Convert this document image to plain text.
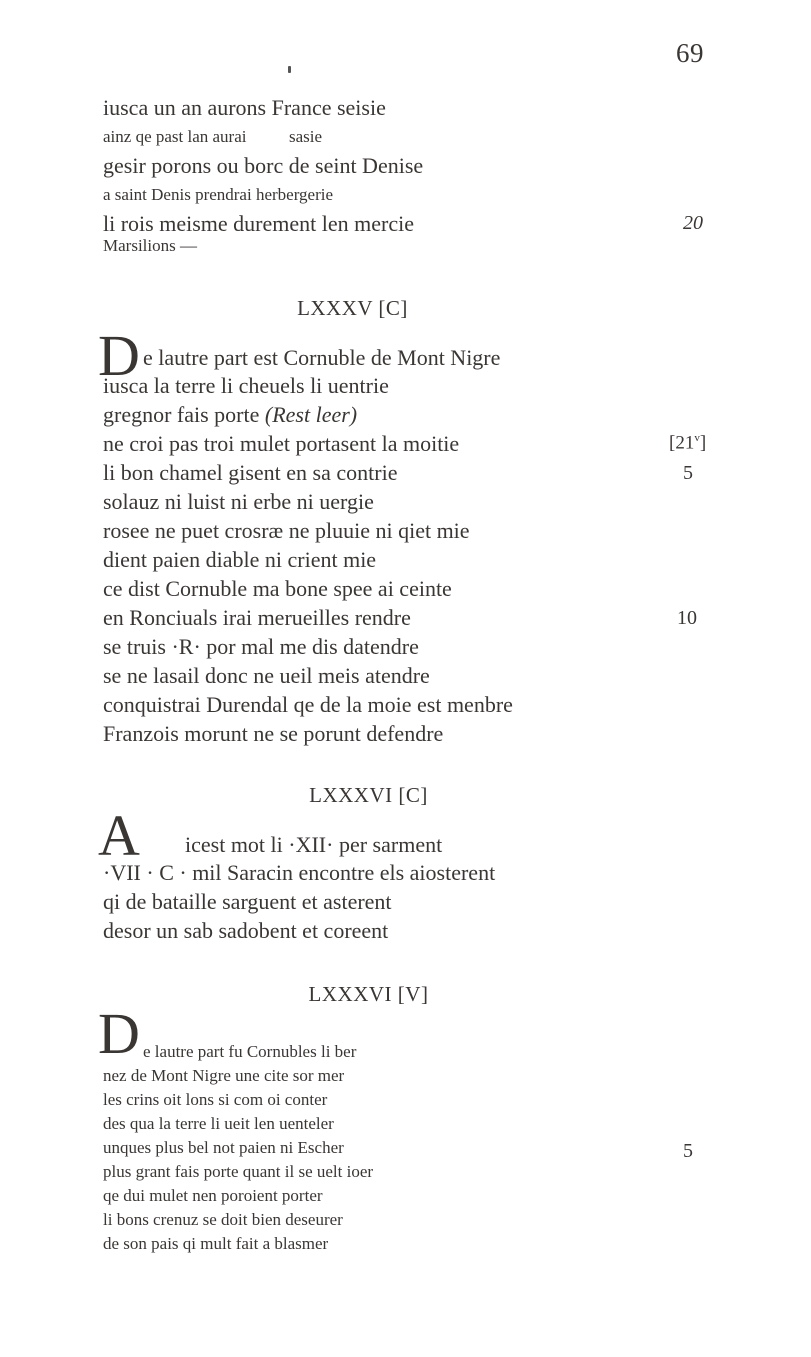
69
iusca un an aurons France seisie
ainz qe past lan aurai          sasie
gesir porons ou borc de seint Denise
a saint Denis prendrai herbergerie
li rois meisme durement len mercie	20
Marsilions —
LXXXV [C]
D e lautre part est Cornuble de Mont Nigre
iusca la terre li cheuels li uentrie
gregnor fais porte (Rest leer)
ne croi pas troi mulet portasent la moitie	[21$^v$]
li bon chamel gisent en sa contrie	5
solauz ni luist ni erbe ni uergie
rosee ne puet crosræ ne pluuie ni qiet mie
dient paien diable ni crient mie
ce dist Cornuble ma bone spee ai ceinte
en Ronciuals irai merueilles rendre	10
se truis ·R· por mal me dis datendre
se ne lasail donc ne ueil meis atendre
conquistrai Durendal qe de la moie est menbre
Franzois morunt ne se porunt defendre
LXXXVI [C]
A icest mot li ·XII· per sarment
·VII · C · mil Saracin encontre els aiosterent
qi de bataille sarguent et asterent
desor un sab sadobent et coreent
LXXXVI [V]
D e lautre part fu Cornubles li ber
nez de Mont Nigre une cite sor mer
les crins oit lons si com oi conter
des qua la terre li ueit len uenteler
unques plus bel not paien ni Escher	5
plus grant fais porte quant il se uelt ioer
qe dui mulet nen poroient porter
li bons crenuz se doit bien deseurer
de son pais qi mult fait a blasmer
